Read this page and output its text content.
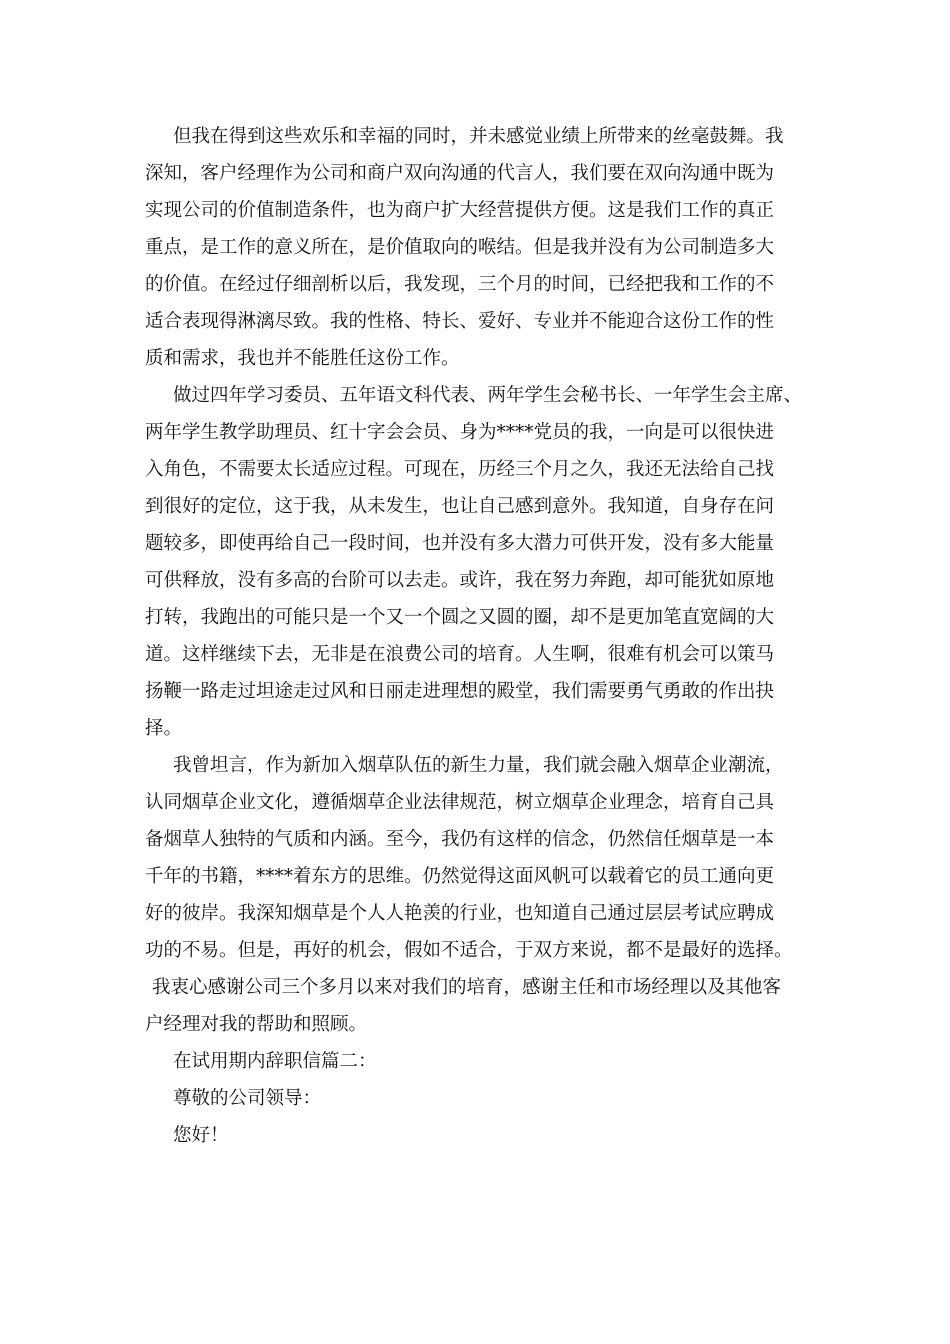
但我在得到这些欢乐和幸福的同时，并未感觉业绩上所带来的丝毫鼓舞。我
深知，客户经理作为公司和商户双向沟通的代言人，我们要在双向沟通中既为
实现公司的价值制造条件，也为商户扩大经营提供方便。这是我们工作的真正
重点，是工作的意义所在，是价值取向的喉结。但是我并没有为公司制造多大
的价值。在经过仔细剖析以后，我发现，三个月的时间，已经把我和工作的不
适合表现得淋漓尽致。我的性格、特长、爱好、专业并不能迎合这份工作的性
质和需求，我也并不能胜任这份工作。
做过四年学习委员、五年语文科代表、两年学生会秘书长、一年学生会主席、
两年学生教学助理员、红十字会会员、身为****党员的我，一向是可以很快进
入角色，不需要太长适应过程。可现在，历经三个月之久，我还无法给自己找
到很好的定位，这于我，从未发生，也让自己感到意外。我知道，自身存在问
题较多，即使再给自己一段时间，也并没有多大潜力可供开发，没有多大能量
可供释放，没有多高的台阶可以去走。或许，我在努力奔跑，却可能犹如原地
打转，我跑出的可能只是一个又一个圆之又圆的圈，却不是更加笔直宽阔的大
道。这样继续下去，无非是在浪费公司的培育。人生啊，很难有机会可以策马
扬鞭一路走过坦途走过风和日丽走进理想的殿堂，我们需要勇气勇敢的作出抉
择。
我曾坦言，作为新加入烟草队伍的新生力量，我们就会融入烟草企业潮流，
认同烟草企业文化，遵循烟草企业法律规范，树立烟草企业理念，培育自己具
备烟草人独特的气质和内涵。至今，我仍有这样的信念，仍然信任烟草是一本
千年的书籍，****着东方的思维。仍然觉得这面风帆可以载着它的员工通向更
好的彼岸。我深知烟草是个人人艳羡的行业，也知道自己通过层层考试应聘成
功的不易。但是，再好的机会，假如不适合，于双方来说，都不是最好的选择。
我衷心感谢公司三个多月以来对我们的培育，感谢主任和市场经理以及其他客
户经理对我的帮助和照顾。
在试用期内辞职信篇二：
尊敬的公司领导：
您好！
